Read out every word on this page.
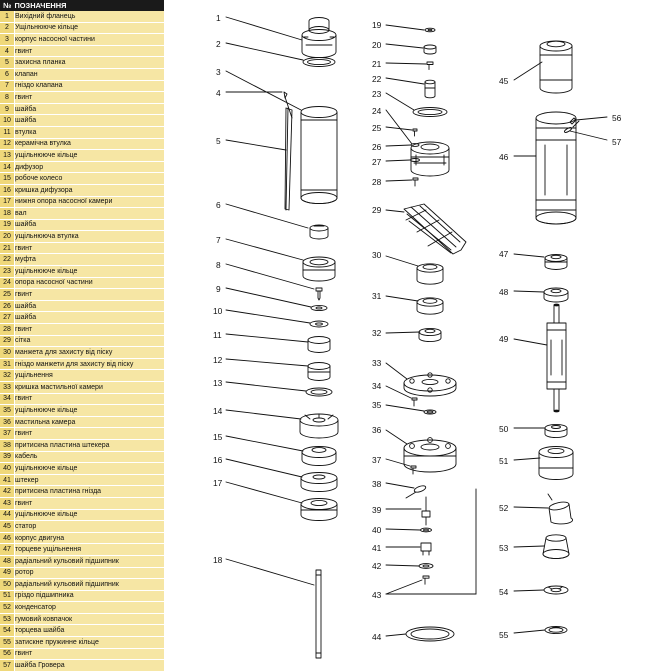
№	ПОЗНАЧЕННЯ
1	Вихідний фланець
2	Ущільнююче кільце
3	корпус насосної частини
4	гвинт
5	захисна планка
6	клапан
7	гніздо клапана
8	гвинт
9	шайба
10	шайба
11	втулка
12	керамічна втулка
13	ущільнююче кільце
14	дифузор
15	робоче колесо
16	кришка дифузора
17	нижня опора насосної камери
18	вал
19	шайба
20	ущільнююча втулка
21	гвинт
22	муфта
23	ущільнююче кільце
24	опора насосної частини
25	гвинт
26	шайба
27	шайба
28	гвинт
29	сітка
30	манжета для захисту від піску
31	гніздо манжети для захисту від піску
32	ущільнення
33	кришка мастильної камери
34	гвинт
35	ущільнююче кільце
36	мастильна камера
37	гвинт
38	притискна пластина штекера
39	кабель
40	ущільнююче кільце
41	штекер
42	притискна пластина гнізда
43	гвинт
44	ущільнююче кільце
45	статор
46	корпус двигуна
47	торцеве ущільнення
48	радіальний кульовий підшипник
49	ротор
50	радіальний кульовий підшипник
51	гріздо підшипника
52	конденсатор
53	гумовий ковпачок
54	торцева шайба
55	затискне пружинне кільце
56	гвинт
57	шайба Гровера
1
2
3
4
5
6
7
8
9
10
11
12
13
14
15
16
17
18
19
20
21
22
23
24
25
26
27
28
29
30
31
32
33
34
35
36
37
38
39
40
41
42
43
44
45
46
47
48
49
50
51
52
53
54
55
56
57
